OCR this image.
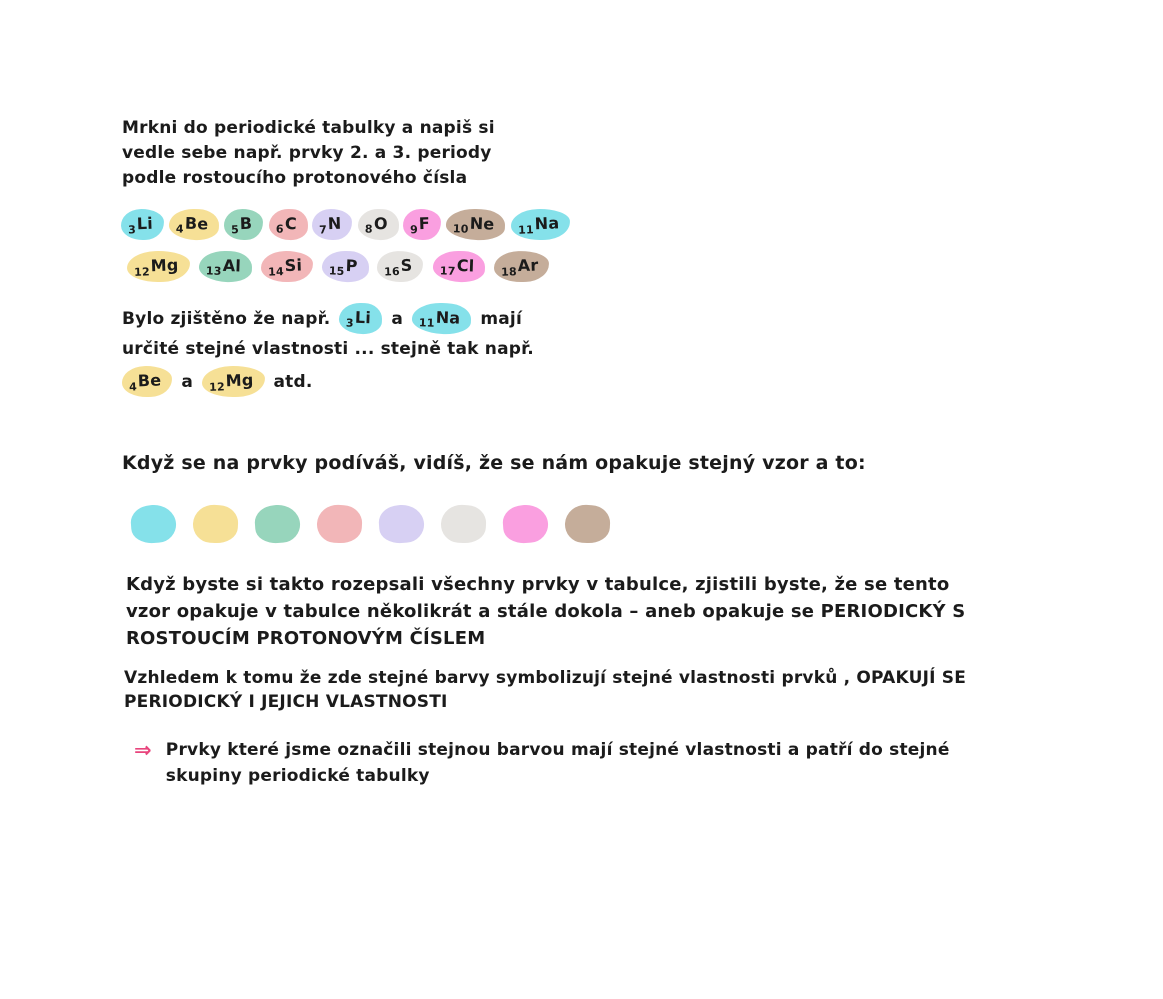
Mrkni do periodické tabulky a napiš si
vedle sebe např. prvky 2. a 3. periody
podle rostoucího protonového čísla
3 Li 4 Be 5 B 6 C 7 N 8 O 9 F 10 Ne 11 Na
12 Mg 13 Al 14 Si 15 P 16 S 17 Cl 18 Ar
Bylo zjištěno že např. 3 Li a 11 Na mají
určité stejné vlastnosti ... stejně tak např.
4 Be a 12 Mg atd.
Když se na prvky podíváš, vidíš, že se nám opakuje stejný vzor a to:
Když byste si takto rozepsali všechny prvky v tabulce, zjistili byste, že se tento
vzor opakuje v tabulce několikrát a stále dokola – aneb opakuje se PERIODICKÝ S
ROSTOUCÍM PROTONOVÝM ČÍSLEM
Vzhledem k tomu že zde stejné barvy symbolizují stejné vlastnosti prvků , OPAKUJÍ SE
PERIODICKÝ I JEJICH VLASTNOSTI
⇒ Prvky které jsme označili stejnou barvou mají stejné vlastnosti a patří do stejné
skupiny periodické tabulky
